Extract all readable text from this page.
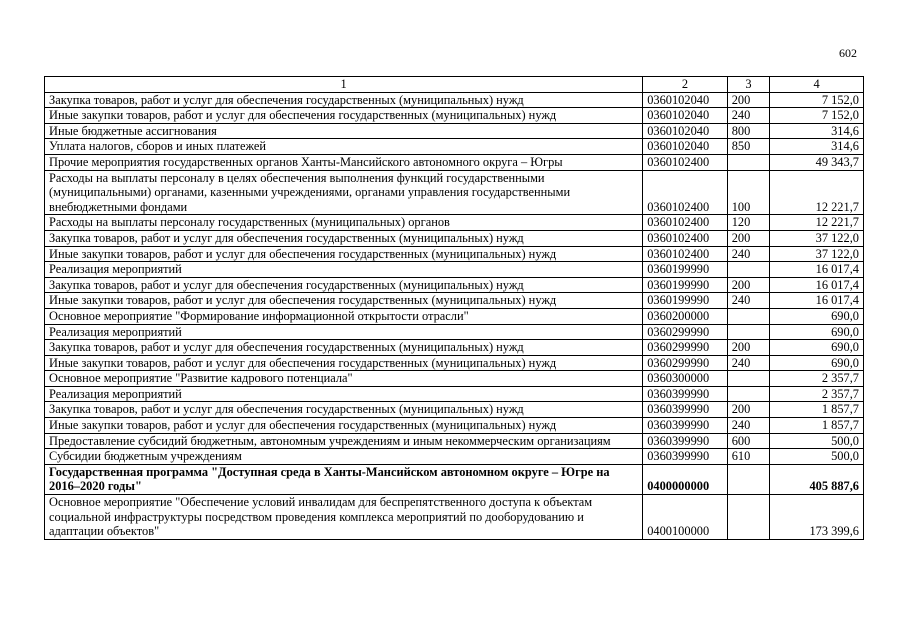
602
1	2	3	4
Закупка товаров, работ и услуг для обеспечения государственных (муниципальных) нужд	0360102040	200	7 152,0
Иные закупки товаров, работ и услуг для обеспечения государственных (муниципальных) нужд	0360102040	240	7 152,0
Иные бюджетные ассигнования	0360102040	800	314,6
Уплата налогов, сборов и иных платежей	0360102040	850	314,6
Прочие мероприятия государственных органов Ханты-Мансийского автономного округа – Югры	0360102400		49 343,7
Расходы на выплаты персоналу в целях обеспечения выполнения функций государственными (муниципальными) органами, казенными учреждениями, органами управления государственными внебюджетными фондами	0360102400	100	12 221,7
Расходы на выплаты персоналу государственных (муниципальных) органов	0360102400	120	12 221,7
Закупка товаров, работ и услуг для обеспечения государственных (муниципальных) нужд	0360102400	200	37 122,0
Иные закупки товаров, работ и услуг для обеспечения государственных (муниципальных) нужд	0360102400	240	37 122,0
Реализация мероприятий	0360199990		16 017,4
Закупка товаров, работ и услуг для обеспечения государственных (муниципальных) нужд	0360199990	200	16 017,4
Иные закупки товаров, работ и услуг для обеспечения государственных (муниципальных) нужд	0360199990	240	16 017,4
Основное мероприятие "Формирование информационной открытости отрасли"	0360200000		690,0
Реализация мероприятий	0360299990		690,0
Закупка товаров, работ и услуг для обеспечения государственных (муниципальных) нужд	0360299990	200	690,0
Иные закупки товаров, работ и услуг для обеспечения государственных (муниципальных) нужд	0360299990	240	690,0
Основное мероприятие "Развитие кадрового потенциала"	0360300000		2 357,7
Реализация мероприятий	0360399990		2 357,7
Закупка товаров, работ и услуг для обеспечения государственных (муниципальных) нужд	0360399990	200	1 857,7
Иные закупки товаров, работ и услуг для обеспечения государственных (муниципальных) нужд	0360399990	240	1 857,7
Предоставление субсидий бюджетным, автономным учреждениям и иным некоммерческим организациям	0360399990	600	500,0
Субсидии бюджетным учреждениям	0360399990	610	500,0
Государственная программа "Доступная среда в Ханты-Мансийском автономном округе – Югре на 2016–2020 годы"	0400000000		405 887,6
Основное мероприятие "Обеспечение условий инвалидам для беспрепятственного доступа к объектам социальной инфраструктуры посредством проведения комплекса мероприятий по дооборудованию и адаптации объектов"	0400100000		173 399,6
